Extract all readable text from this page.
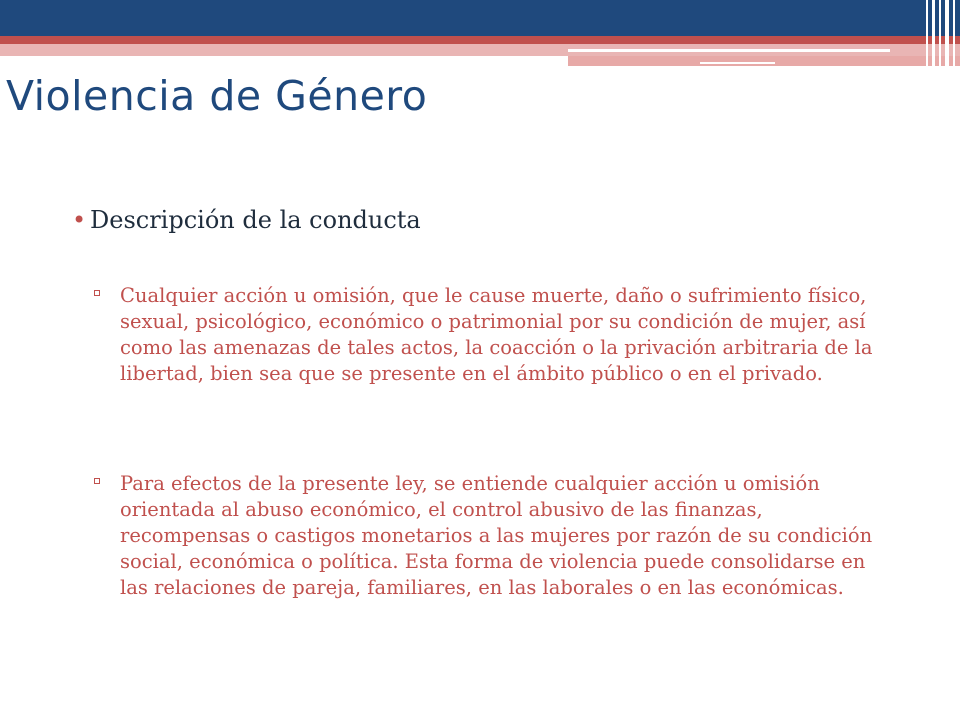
Violencia de Género
• Descripción de la conducta
Cualquier acción u omisión, que le cause muerte, daño o sufrimiento físico, sexual, psicológico, económico o patrimonial por su condición de mujer, así como las amenazas de tales actos, la coacción o la privación arbitraria de la libertad, bien sea que se presente en el ámbito público o en el privado.
Para efectos de la presente ley, se entiende cualquier acción u omisión orientada al abuso económico, el control abusivo de las finanzas, recompensas o castigos monetarios a las mujeres por razón de su condición social, económica o política. Esta forma de violencia puede consolidarse en las relaciones de pareja, familiares, en las laborales o en las económicas.
